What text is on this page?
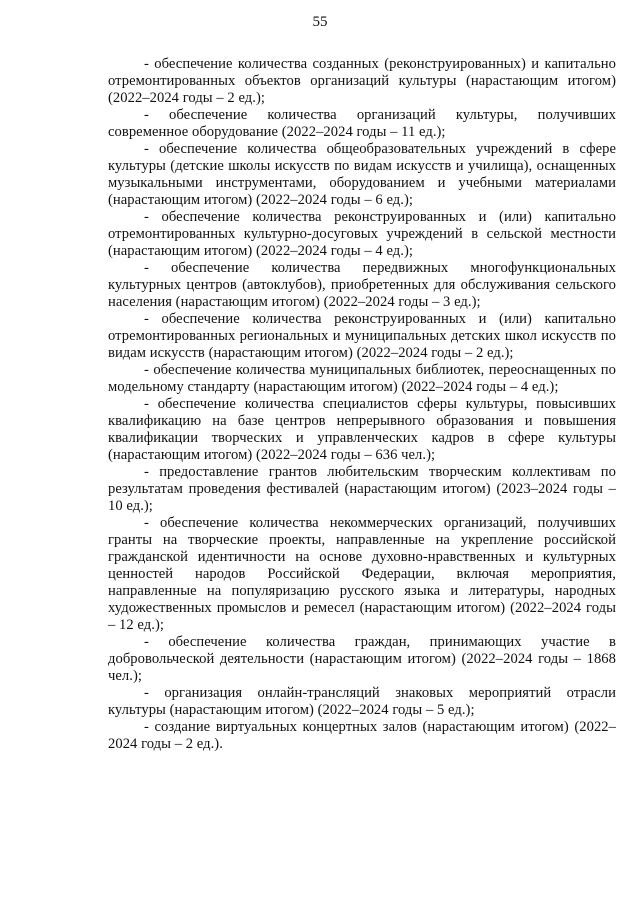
55

- обеспечение количества созданных (реконструированных) и капитально отремонтированных объектов организаций культуры (нарастающим итогом) (2022–2024 годы – 2 ед.);

- обеспечение количества организаций культуры, получивших современное оборудование (2022–2024 годы – 11 ед.);

- обеспечение количества общеобразовательных учреждений в сфере культуры (детские школы искусств по видам искусств и училища), оснащенных музыкальными инструментами, оборудованием и учебными материалами (нарастающим итогом) (2022–2024 годы – 6 ед.);

- обеспечение количества реконструированных и (или) капитально отремонтированных культурно-досуговых учреждений в сельской местности (нарастающим итогом) (2022–2024 годы – 4 ед.);

- обеспечение количества передвижных многофункциональных культурных центров (автоклубов), приобретенных для обслуживания сельского населения (нарастающим итогом) (2022–2024 годы – 3 ед.);

- обеспечение количества реконструированных и (или) капитально отремонтированных региональных и муниципальных детских школ искусств по видам искусств (нарастающим итогом) (2022–2024 годы – 2 ед.);

- обеспечение количества муниципальных библиотек, переоснащенных по модельному стандарту (нарастающим итогом) (2022–2024 годы – 4 ед.);

- обеспечение количества специалистов сферы культуры, повысивших квалификацию на базе центров непрерывного образования и повышения квалификации творческих и управленческих кадров в сфере культуры (нарастающим итогом) (2022–2024 годы – 636 чел.);

- предоставление грантов любительским творческим коллективам по результатам проведения фестивалей (нарастающим итогом) (2023–2024 годы – 10 ед.);

- обеспечение количества некоммерческих организаций, получивших гранты на творческие проекты, направленные на укрепление российской гражданской идентичности на основе духовно-нравственных и культурных ценностей народов Российской Федерации, включая мероприятия, направленные на популяризацию русского языка и литературы, народных художественных промыслов и ремесел (нарастающим итогом) (2022–2024 годы – 12 ед.);

- обеспечение количества граждан, принимающих участие в добровольческой деятельности (нарастающим итогом) (2022–2024 годы – 1868 чел.);

- организация онлайн-трансляций знаковых мероприятий отрасли культуры (нарастающим итогом) (2022–2024 годы – 5 ед.);

- создание виртуальных концертных залов (нарастающим итогом) (2022–2024 годы – 2 ед.).
